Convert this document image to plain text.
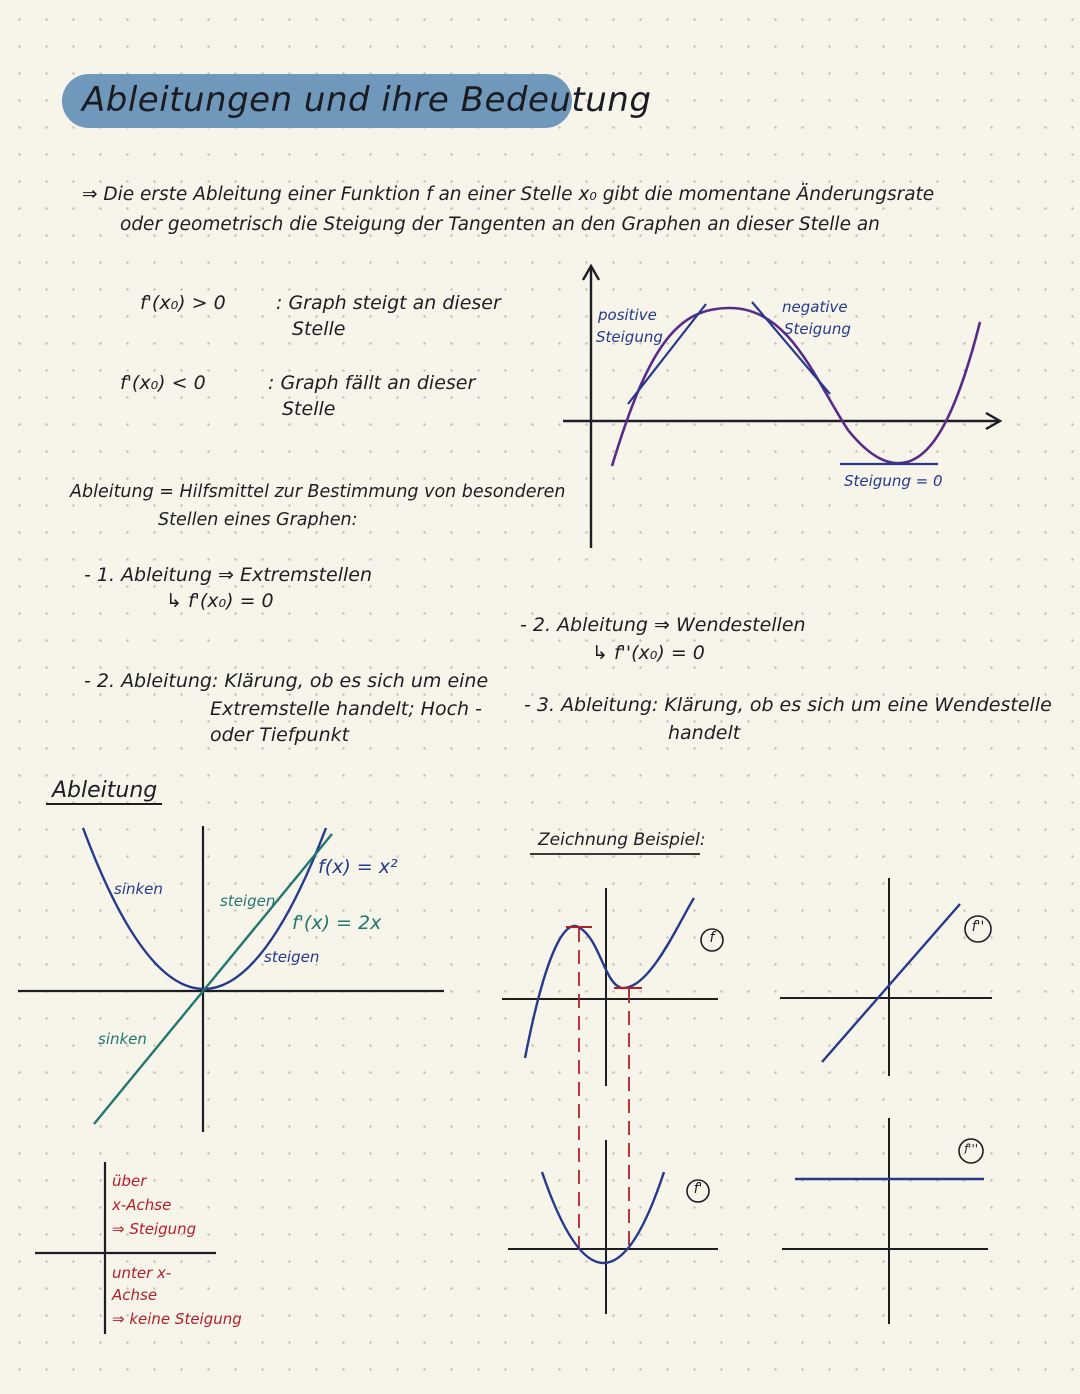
Ableitungen und ihre Bedeutung
⇒ Die erste Ableitung einer Funktion f an einer Stelle x₀ gibt die momentane Änderungsrate
oder geometrisch die Steigung der Tangenten an den Graphen an dieser Stelle an
f'(x₀) > 0	: Graph steigt an dieser
Stelle
f'(x₀) < 0	: Graph fällt an dieser
Stelle
Ableitung = Hilfsmittel zur Bestimmung von besonderen
Stellen eines Graphen:
- 1. Ableitung ⇒ Extremstellen
↳ f'(x₀) = 0
- 2. Ableitung: Klärung, ob es sich um eine
Extremstelle handelt; Hoch -
oder Tiefpunkt
- 2. Ableitung ⇒ Wendestellen
↳ f''(x₀) = 0
- 3. Ableitung: Klärung, ob es sich um eine Wendestelle
handelt
positive
Steigung
negative
Steigung
Steigung = 0
Ableitung
f(x) = x²
f'(x) = 2x
sinken
steigen
steigen
sinken
über
x-Achse
⇒ Steigung
unter x-
Achse
⇒ keine Steigung
Zeichnung Beispiel:
f
f'
f''
f'''
